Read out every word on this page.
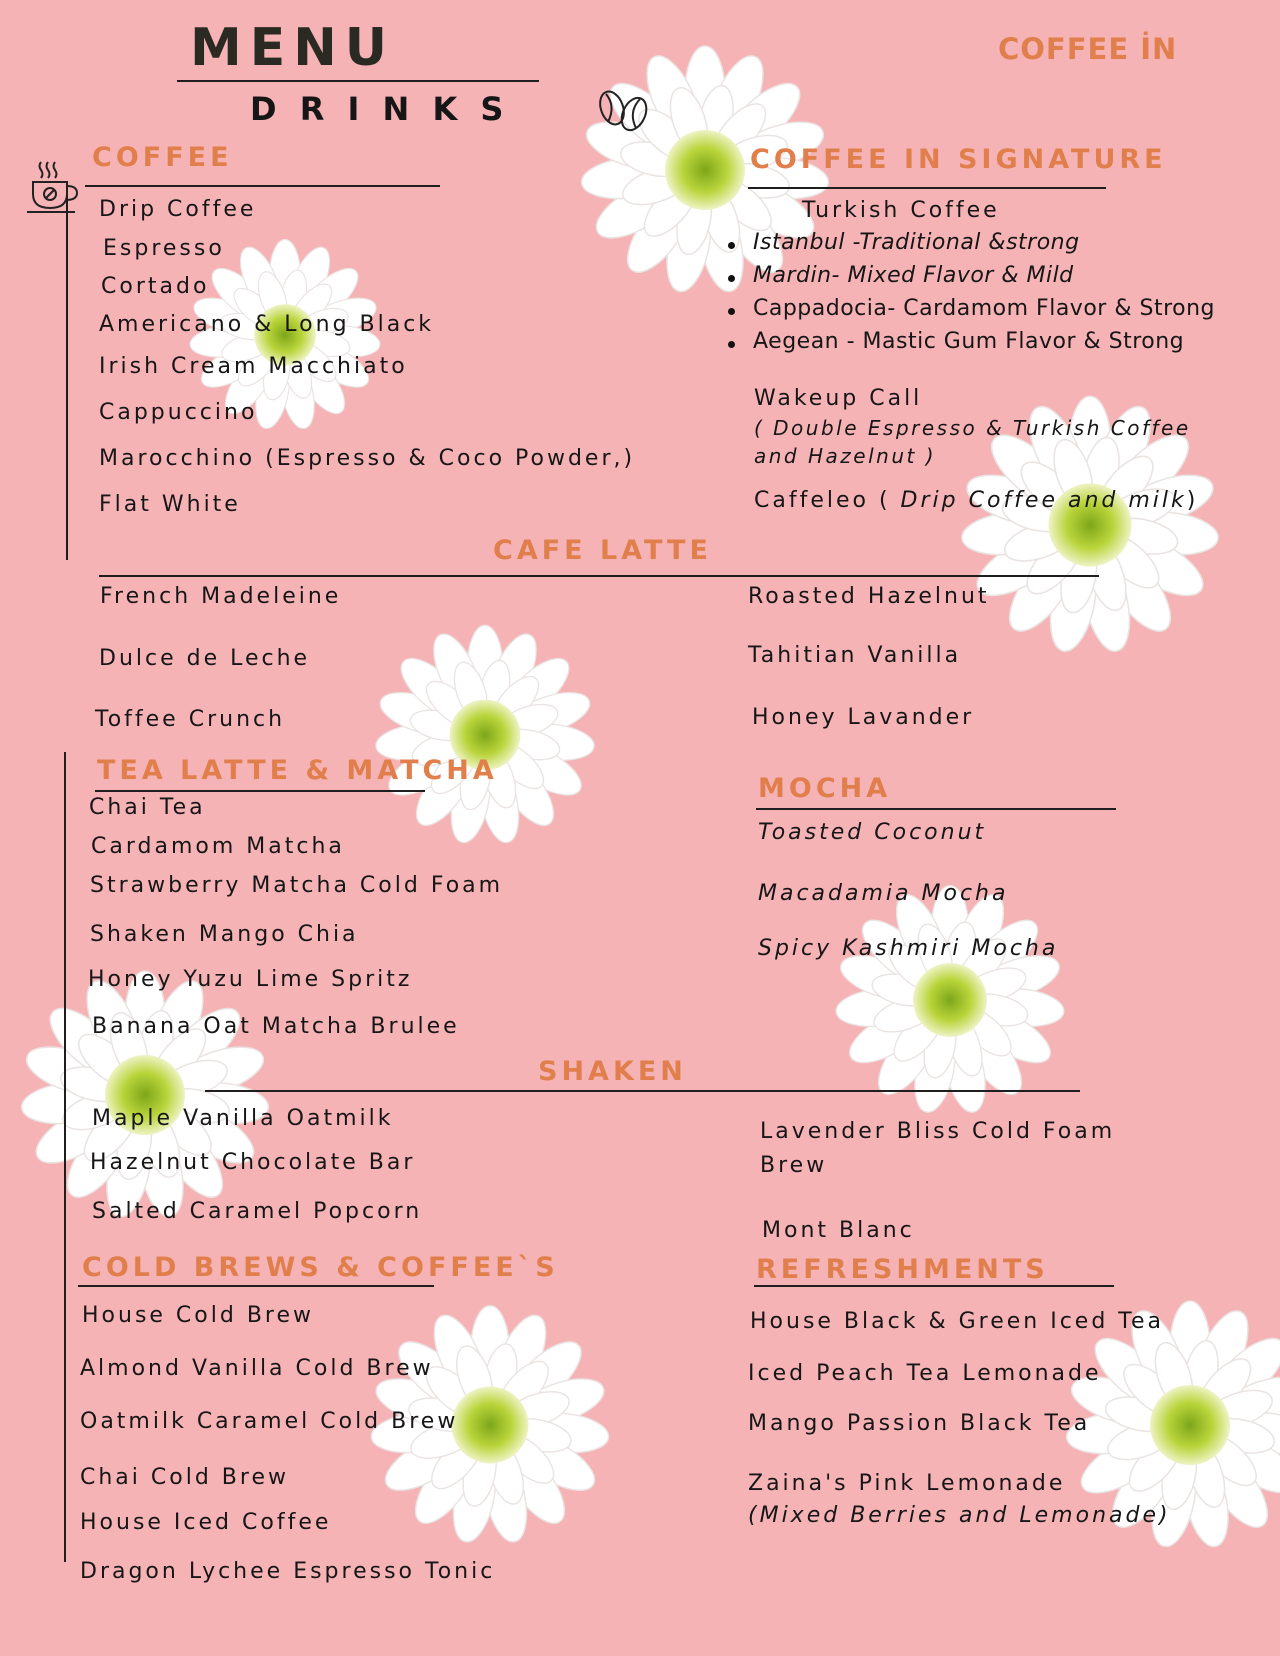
MENU
D R I N K S
COFFEE İN
COFFEE
Drip Coffee
Espresso
Cortado
Americano & Long Black
Irish Cream Macchiato
Cappuccino
Marocchino (Espresso & Coco Powder,)
Flat White
COFFEE IN SIGNATURE
Turkish Coffee
Istanbul -Traditional &strong
Mardin- Mixed Flavor & Mild
Cappadocia- Cardamom Flavor & Strong
Aegean - Mastic Gum Flavor & Strong
Wakeup Call
( Double Espresso & Turkish Coffee
and Hazelnut )
Caffeleo ( Drip Coffee and milk)
CAFE LATTE
French Madeleine
Dulce de Leche
Toffee Crunch
Roasted Hazelnut
Tahitian Vanilla
Honey Lavander
TEA LATTE & MATCHA
Chai Tea
Cardamom Matcha
Strawberry Matcha Cold Foam
Shaken Mango Chia
Honey Yuzu Lime Spritz
Banana Oat Matcha Brulee
MOCHA
Toasted Coconut
Macadamia Mocha
Spicy Kashmiri Mocha
SHAKEN
Maple Vanilla Oatmilk
Hazelnut Chocolate Bar
Salted Caramel Popcorn
Lavender Bliss Cold Foam
Brew
Mont Blanc
COLD BREWS & COFFEE`S
House Cold Brew
Almond Vanilla Cold Brew
Oatmilk Caramel Cold Brew
Chai Cold Brew
House Iced Coffee
Dragon Lychee Espresso Tonic
REFRESHMENTS
House Black & Green Iced Tea
Iced Peach Tea Lemonade
Mango Passion Black Tea
Zaina's Pink Lemonade
(Mixed Berries and Lemonade)
